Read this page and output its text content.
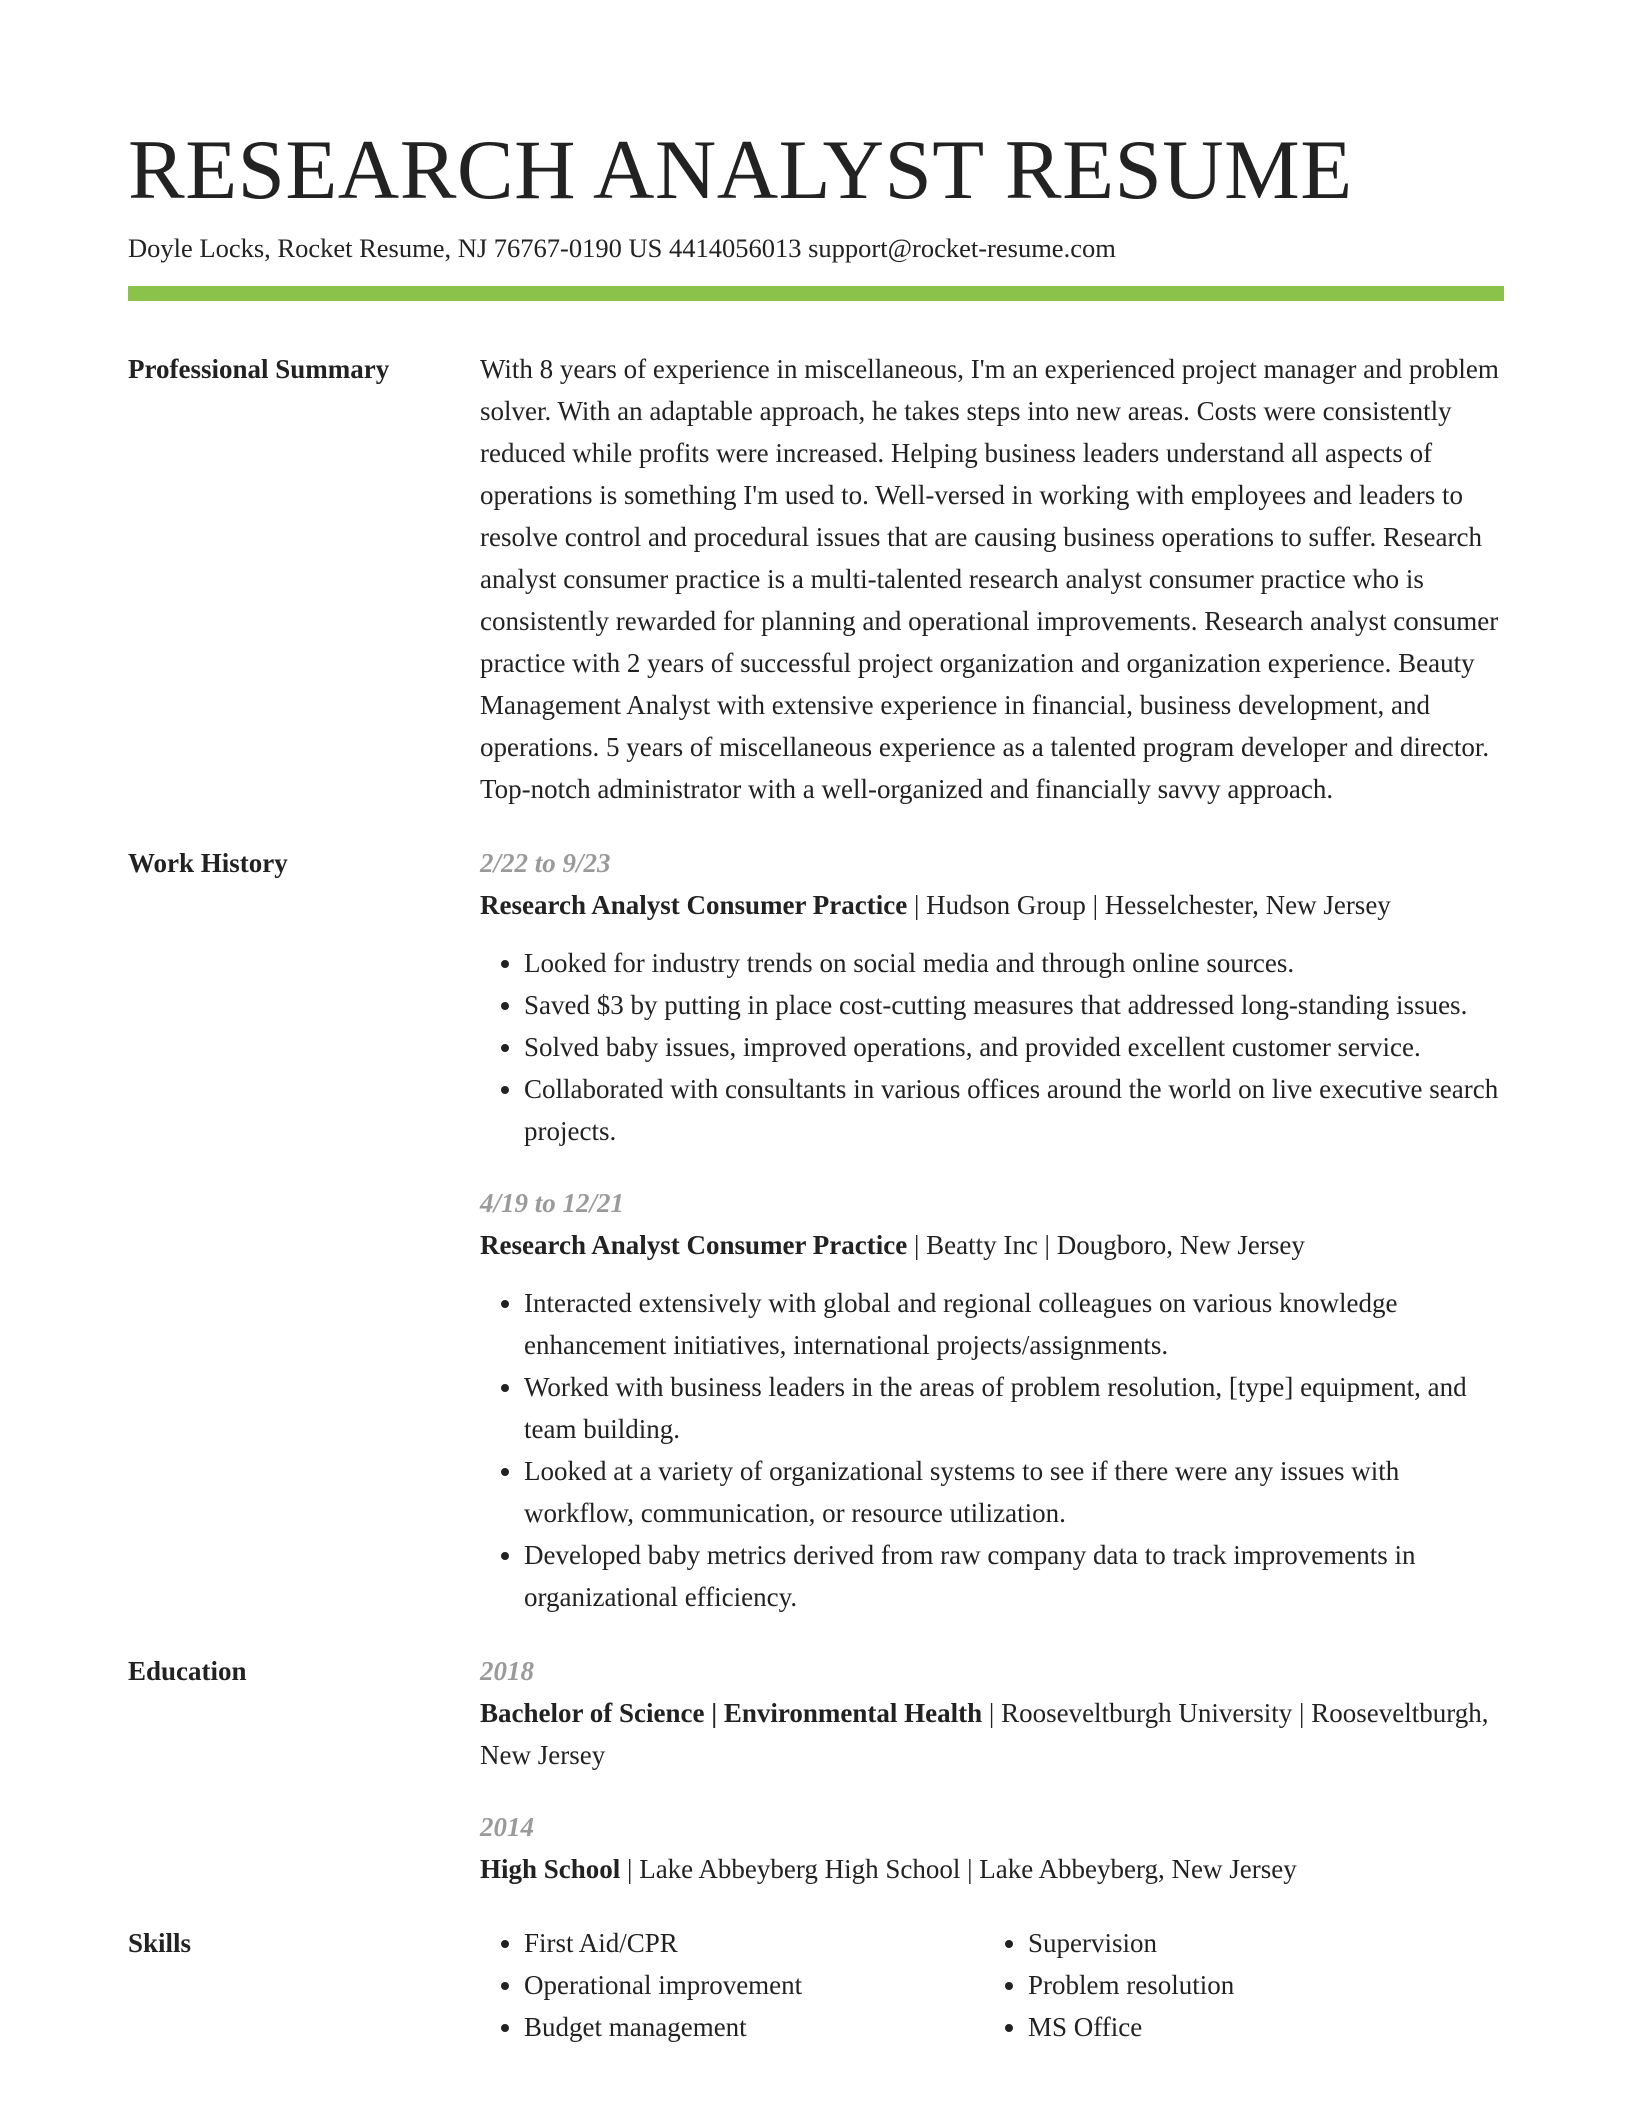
RESEARCH ANALYST RESUME
Doyle Locks, Rocket Resume, NJ 76767-0190 US 4414056013 support@rocket-resume.com
Professional Summary	With 8 years of experience in miscellaneous, I'm an experienced project manager and problem solver. With an adaptable approach, he takes steps into new areas. Costs were consistently reduced while profits were increased. Helping business leaders understand all aspects of operations is something I'm used to. Well-versed in working with employees and leaders to resolve control and procedural issues that are causing business operations to suffer. Research analyst consumer practice is a multi-talented research analyst consumer practice who is consistently rewarded for planning and operational improvements. Research analyst consumer practice with 2 years of successful project organization and organization experience. Beauty Management Analyst with extensive experience in financial, business development, and operations. 5 years of miscellaneous experience as a talented program developer and director. Top-notch administrator with a well-organized and financially savvy approach.

Work History	2/22 to 9/23
Research Analyst Consumer Practice | Hudson Group | Hesselchester, New Jersey
• Looked for industry trends on social media and through online sources.
• Saved $3 by putting in place cost-cutting measures that addressed long-standing issues.
• Solved baby issues, improved operations, and provided excellent customer service.
• Collaborated with consultants in various offices around the world on live executive search projects.
4/19 to 12/21
Research Analyst Consumer Practice | Beatty Inc | Dougboro, New Jersey
• Interacted extensively with global and regional colleagues on various knowledge enhancement initiatives, international projects/assignments.
• Worked with business leaders in the areas of problem resolution, [type] equipment, and team building.
• Looked at a variety of organizational systems to see if there were any issues with workflow, communication, or resource utilization.
• Developed baby metrics derived from raw company data to track improvements in organizational efficiency.
Education	2018
Bachelor of Science | Environmental Health | Rooseveltburgh University | Rooseveltburgh, New Jersey
2014
High School | Lake Abbeyberg High School | Lake Abbeyberg, New Jersey
Skills
•	First Aid/CPR
• Operational improvement
• Budget management
• Supervision
• Problem resolution
• MS Office
